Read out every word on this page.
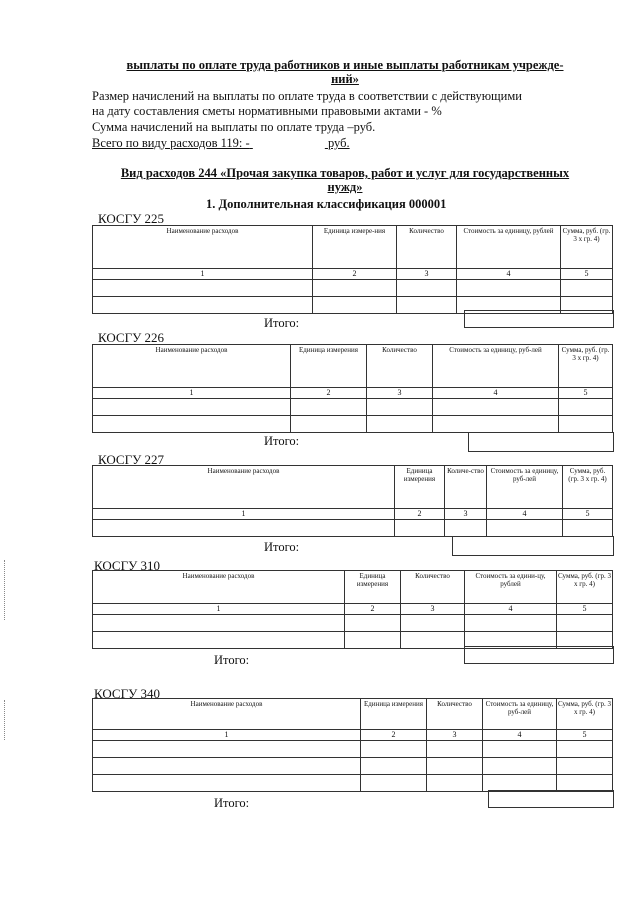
выплаты по оплате труда работников и иные выплаты работникам учрежде-
ний»
Размер начислений на выплаты по оплате труда в соответствии с действующими
на дату составления сметы нормативными правовыми актами - %
Сумма начислений на выплаты по оплате труда –руб.
Всего по виду расходов 119: -	руб.
Вид расходов 244 «Прочая закупка товаров, работ и услуг для государственных
нужд»
1. Дополнительная классификация 000001
КОСГУ 225
Наименование расходов	Единица измере-ния	Количество	Стоимость за единицу, рублей	Сумма, руб. (гр. 3 х гр. 4)
1	2	3	4	5

Итого:
КОСГУ 226
Наименование расходов	Единица измерения	Количество	Стоимость за единицу, руб-лей	Сумма, руб. (гр. 3 х гр. 4)
1	2	3	4	5

Итого:
КОСГУ 227
Наименование расходов	Единица измерения	Количе-ство	Стоимость за единицу, руб-лей	Сумма, руб. (гр. 3 х гр. 4)
1	2	3	4	5

Итого:
КОСГУ 310
Наименование расходов	Единица измерения	Количество	Стоимость за едини-цу, рублей	Сумма, руб. (гр. 3 х гр. 4)
1	2	3	4	5

Итого:
КОСГУ 340
Наименование расходов	Единица измерения	Количество	Стоимость за единицу, руб-лей	Сумма, руб. (гр. 3 х гр. 4)
1	2	3	4	5

Итого:
